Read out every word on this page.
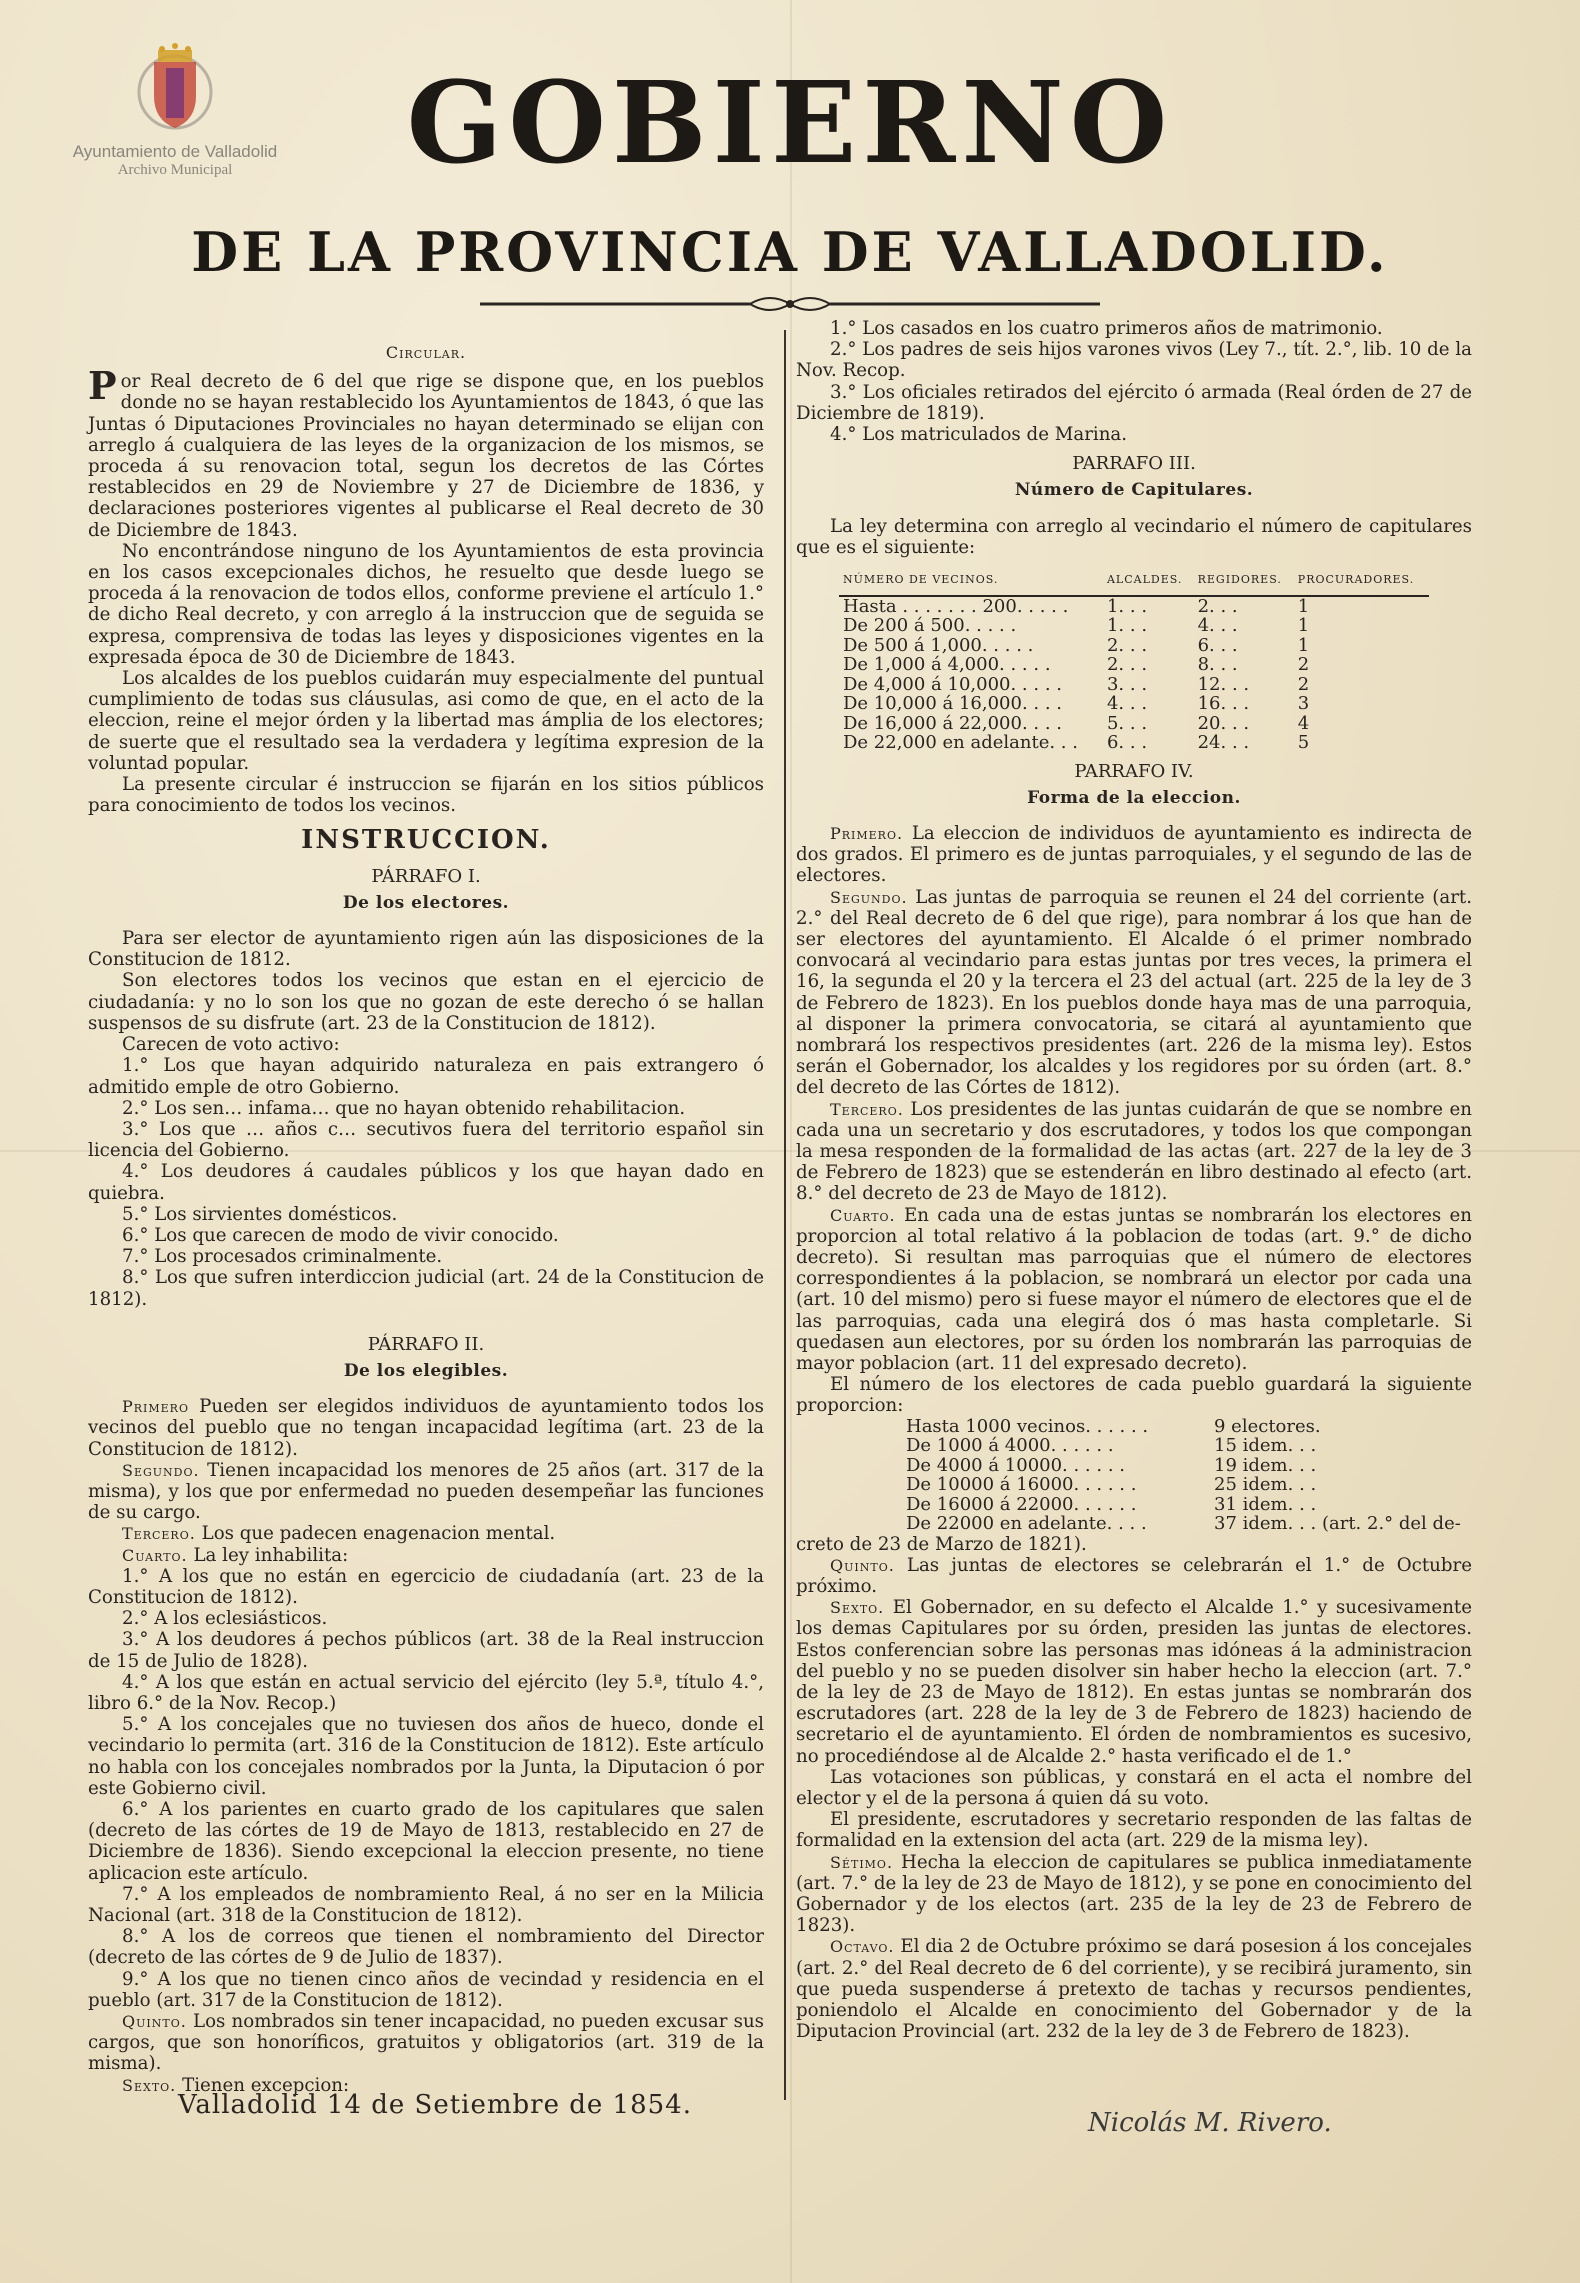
Ayuntamiento de Valladolid
Archivo Municipal	GOBIERNO
DE LA PROVINCIA DE VALLADOLID.

Circular.

Por Real decreto de 6 del que rige se dispone que, en los pueblos donde no se hayan restablecido los Ayuntamientos de 1843, ó que las Juntas ó Diputaciones Provinciales no hayan determinado se elijan con arreglo á cualquiera de las leyes de la organizacion de los mismos, se proceda á su renovacion total, segun los decretos de las Córtes restablecidos en 29 de Noviembre y 27 de Diciembre de 1836, y declaraciones posteriores vigentes al publicarse el Real decreto de 30 de Diciembre de 1843.

No encontrándose ninguno de los Ayuntamientos de esta provincia en los casos excepcionales dichos, he resuelto que desde luego se proceda á la renovacion de todos ellos, conforme previene el artículo 1.° de dicho Real decreto, y con arreglo á la instruccion que de seguida se expresa, comprensiva de todas las leyes y disposiciones vigentes en la expresada época de 30 de Diciembre de 1843.

Los alcaldes de los pueblos cuidarán muy especialmente del puntual cumplimiento de todas sus cláusulas, asi como de que, en el acto de la eleccion, reine el mejor órden y la libertad mas ámplia de los electores; de suerte que el resultado sea la verdadera y legítima expresion de la voluntad popular.

La presente circular é instruccion se fijarán en los sitios públicos para conocimiento de todos los vecinos.

INSTRUCCION.
PÁRRAFO I.
De los electores.

Para ser elector de ayuntamiento rigen aún las disposiciones de la Constitucion de 1812.

Son electores todos los vecinos que estan en el ejercicio de ciudadanía: y no lo son los que no gozan de este derecho ó se hallan suspensos de su disfrute (art. 23 de la Constitucion de 1812).

Carecen de voto activo:

1.° Los que hayan adquirido naturaleza en pais extrangero ó admitido emple de otro Gobierno.

2.° Los sen… infama… que no hayan obtenido rehabilitacion.

3.° Los que … años c… secutivos fuera del territorio español sin licencia del Gobierno.

4.° Los deudores á caudales públicos y los que hayan dado en quiebra.

5.° Los sirvientes domésticos.

6.° Los que carecen de modo de vivir conocido.

7.° Los procesados criminalmente.

8.° Los que sufren interdiccion judicial (art. 24 de la Constitucion de 1812).

PÁRRAFO II.
De los elegibles.

Primero Pueden ser elegidos individuos de ayuntamiento todos los vecinos del pueblo que no tengan incapacidad legítima (art. 23 de la Constitucion de 1812).

Segundo. Tienen incapacidad los menores de 25 años (art. 317 de la misma), y los que por enfermedad no pueden desempeñar las funciones de su cargo.

Tercero. Los que padecen enagenacion mental.

Cuarto. La ley inhabilita:

1.° A los que no están en egercicio de ciudadanía (art. 23 de la Constitucion de 1812).

2.° A los eclesiásticos.

3.° A los deudores á pechos públicos (art. 38 de la Real instruccion de 15 de Julio de 1828).

4.° A los que están en actual servicio del ejército (ley 5.ª, título 4.°, libro 6.° de la Nov. Recop.)

5.° A los concejales que no tuviesen dos años de hueco, donde el vecindario lo permita (art. 316 de la Constitucion de 1812). Este artículo no habla con los concejales nombrados por la Junta, la Diputacion ó por este Gobierno civil.

6.° A los parientes en cuarto grado de los capitulares que salen (decreto de las córtes de 19 de Mayo de 1813, restablecido en 27 de Diciembre de 1836). Siendo excepcional la eleccion presente, no tiene aplicacion este artículo.

7.° A los empleados de nombramiento Real, á no ser en la Milicia Nacional (art. 318 de la Constitucion de 1812).

8.° A los de correos que tienen el nombramiento del Director (decreto de las córtes de 9 de Julio de 1837).

9.° A los que no tienen cinco años de vecindad y residencia en el pueblo (art. 317 de la Constitucion de 1812).

Quinto. Los nombrados sin tener incapacidad, no pueden excusar sus cargos, que son honoríficos, gratuitos y obligatorios (art. 319 de la misma).

Sexto. Tienen excepcion:

1.° Los casados en los cuatro primeros años de matrimonio.

2.° Los padres de seis hijos varones vivos (Ley 7., tít. 2.°, lib. 10 de la Nov. Recop.

3.° Los oficiales retirados del ejército ó armada (Real órden de 27 de Diciembre de 1819).

4.° Los matriculados de Marina.

PARRAFO III.
Número de Capitulares.

La ley determina con arreglo al vecindario el número de capitulares que es el siguiente:

NÚMERO DE VECINOS.	ALCALDES.	REGIDORES.	PROCURADORES.
Hasta . . . . . . . 200. . . . .	1. . .	2. . .	1
De 200 á 500. . . . .	1. . .	4. . .	1
De 500 á 1,000. . . . .	2. . .	6. . .	1
De 1,000 á 4,000. . . . .	2. . .	8. . .	2
De 4,000 á 10,000. . . . .	3. . .	12. . .	2
De 10,000 á 16,000. . . .	4. . .	16. . .	3
De 16,000 á 22,000. . . .	5. . .	20. . .	4
De 22,000 en adelante. . .	6. . .	24. . .	5
PARRAFO IV.
Forma de la eleccion.

Primero. La eleccion de individuos de ayuntamiento es indirecta de dos grados. El primero es de juntas parroquiales, y el segundo de las de electores.

Segundo. Las juntas de parroquia se reunen el 24 del corriente (art. 2.° del Real decreto de 6 del que rige), para nombrar á los que han de ser electores del ayuntamiento. El Alcalde ó el primer nombrado convocará al vecindario para estas juntas por tres veces, la primera el 16, la segunda el 20 y la tercera el 23 del actual (art. 225 de la ley de 3 de Febrero de 1823). En los pueblos donde haya mas de una parroquia, al disponer la primera convocatoria, se citará al ayuntamiento que nombrará los respectivos presidentes (art. 226 de la misma ley). Estos serán el Gobernador, los alcaldes y los regidores por su órden (art. 8.° del decreto de las Córtes de 1812).

Tercero. Los presidentes de las juntas cuidarán de que se nombre en cada una un secretario y dos escrutadores, y todos los que compongan la mesa responden de la formalidad de las actas (art. 227 de la ley de 3 de Febrero de 1823) que se estenderán en libro destinado al efecto (art. 8.° del decreto de 23 de Mayo de 1812).

Cuarto. En cada una de estas juntas se nombrarán los electores en proporcion al total relativo á la poblacion de todas (art. 9.° de dicho decreto). Si resultan mas parroquias que el número de electores correspondientes á la poblacion, se nombrará un elector por cada una (art. 10 del mismo) pero si fuese mayor el número de electores que el de las parroquias, cada una elegirá dos ó mas hasta completarle. Si quedasen aun electores, por su órden los nombrarán las parroquias de mayor poblacion (art. 11 del expresado decreto).

El número de los electores de cada pueblo guardará la siguiente proporcion:

Hasta 1000 vecinos. . . . . .	9 electores.
De 1000 á 4000. . . . . .	15 idem. . .
De 4000 á 10000. . . . . .	19 idem. . .
De 10000 á 16000. . . . . .	25 idem. . .
De 16000 á 22000. . . . . .	31 idem. . .
De 22000 en adelante. . . .	37 idem. . . (art. 2.° del de-

creto de 23 de Marzo de 1821).

Quinto. Las juntas de electores se celebrarán el 1.° de Octubre próximo.

Sexto. El Gobernador, en su defecto el Alcalde 1.° y sucesivamente los demas Capitulares por su órden, presiden las juntas de electores. Estos conferencian sobre las personas mas idóneas á la administracion del pueblo y no se pueden disolver sin haber hecho la eleccion (art. 7.° de la ley de 23 de Mayo de 1812). En estas juntas se nombrarán dos escrutadores (art. 228 de la ley de 3 de Febrero de 1823) haciendo de secretario el de ayuntamiento. El órden de nombramientos es sucesivo, no procediéndose al de Alcalde 2.° hasta verificado el de 1.°

Las votaciones son públicas, y constará en el acta el nombre del elector y el de la persona á quien dá su voto.

El presidente, escrutadores y secretario responden de las faltas de formalidad en la extension del acta (art. 229 de la misma ley).

Sétimo. Hecha la eleccion de capitulares se publica inmediatamente (art. 7.° de la ley de 23 de Mayo de 1812), y se pone en conocimiento del Gobernador y de los electos (art. 235 de la ley de 23 de Febrero de 1823).

Octavo. El dia 2 de Octubre próximo se dará posesion á los concejales (art. 2.° del Real decreto de 6 del corriente), y se recibirá juramento, sin que pueda suspenderse á pretexto de tachas y recursos pendientes, poniendolo el Alcalde en conocimiento del Gobernador y de la Diputacion Provincial (art. 232 de la ley de 3 de Febrero de 1823).

Valladolid 14 de Setiembre de 1854.
Nicolás M. Rivero.
